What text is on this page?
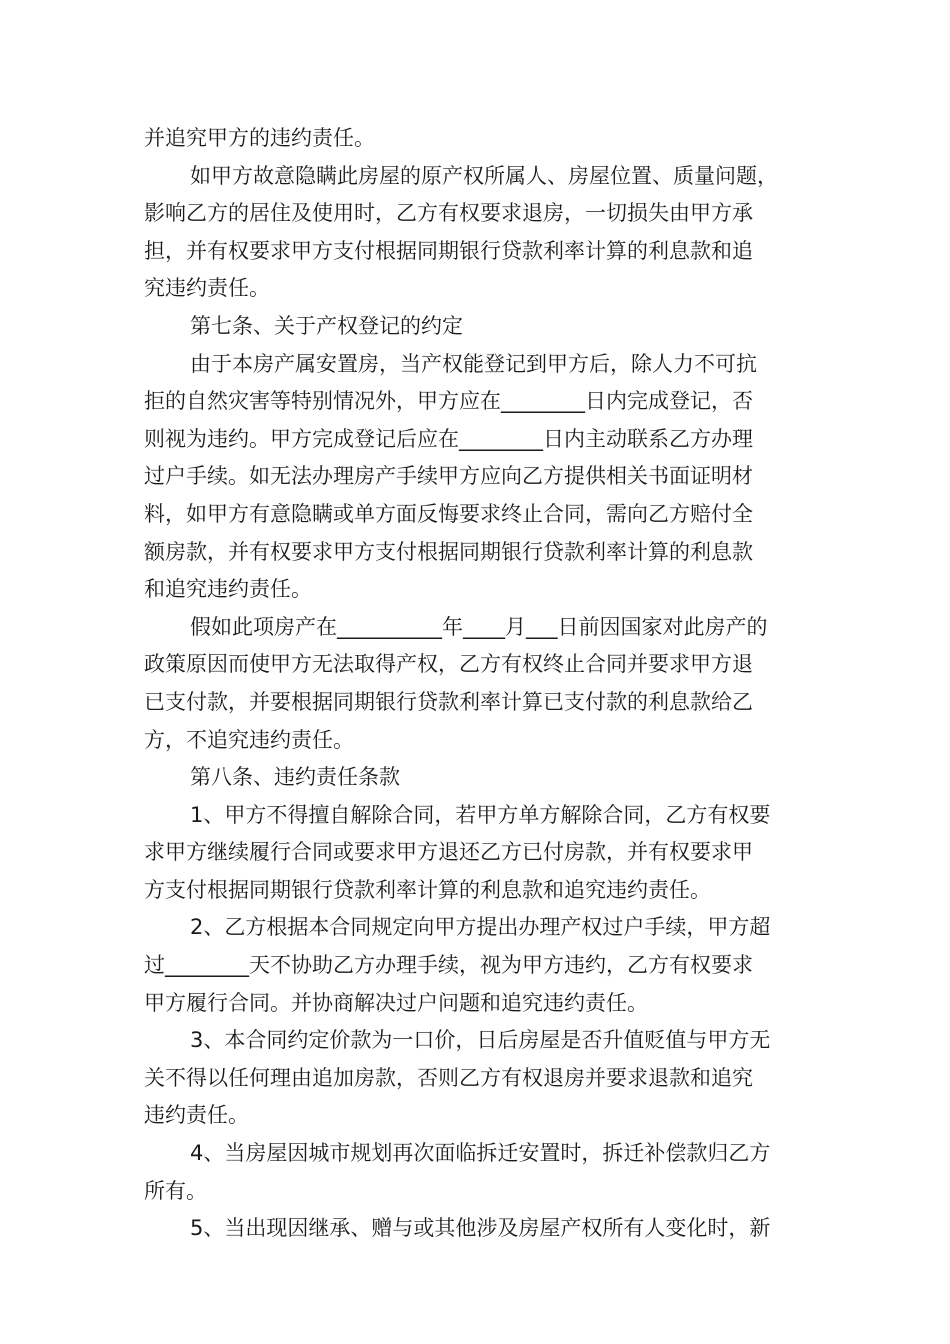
并追究甲方的违约责任。
如甲方故意隐瞒此房屋的原产权所属人、房屋位置、质量问题，
影响乙方的居住及使用时，乙方有权要求退房，一切损失由甲方承
担，并有权要求甲方支付根据同期银行贷款利率计算的利息款和追
究违约责任。
第七条、关于产权登记的约定
由于本房产属安置房，当产权能登记到甲方后，除人力不可抗
拒的自然灾害等特别情况外，甲方应在________日内完成登记，否
则视为违约。甲方完成登记后应在________日内主动联系乙方办理
过户手续。如无法办理房产手续甲方应向乙方提供相关书面证明材
料，如甲方有意隐瞒或单方面反悔要求终止合同，需向乙方赔付全
额房款，并有权要求甲方支付根据同期银行贷款利率计算的利息款
和追究违约责任。
假如此项房产在__________年____月___日前因国家对此房产的
政策原因而使甲方无法取得产权，乙方有权终止合同并要求甲方退
已支付款，并要根据同期银行贷款利率计算已支付款的利息款给乙
方，不追究违约责任。
第八条、违约责任条款
1、甲方不得擅自解除合同，若甲方单方解除合同，乙方有权要
求甲方继续履行合同或要求甲方退还乙方已付房款，并有权要求甲
方支付根据同期银行贷款利率计算的利息款和追究违约责任。
2、乙方根据本合同规定向甲方提出办理产权过户手续，甲方超
过________天不协助乙方办理手续，视为甲方违约，乙方有权要求
甲方履行合同。并协商解决过户问题和追究违约责任。
3、本合同约定价款为一口价，日后房屋是否升值贬值与甲方无
关不得以任何理由追加房款，否则乙方有权退房并要求退款和追究
违约责任。
4、当房屋因城市规划再次面临拆迁安置时，拆迁补偿款归乙方
所有。
5、当出现因继承、赠与或其他涉及房屋产权所有人变化时，新
